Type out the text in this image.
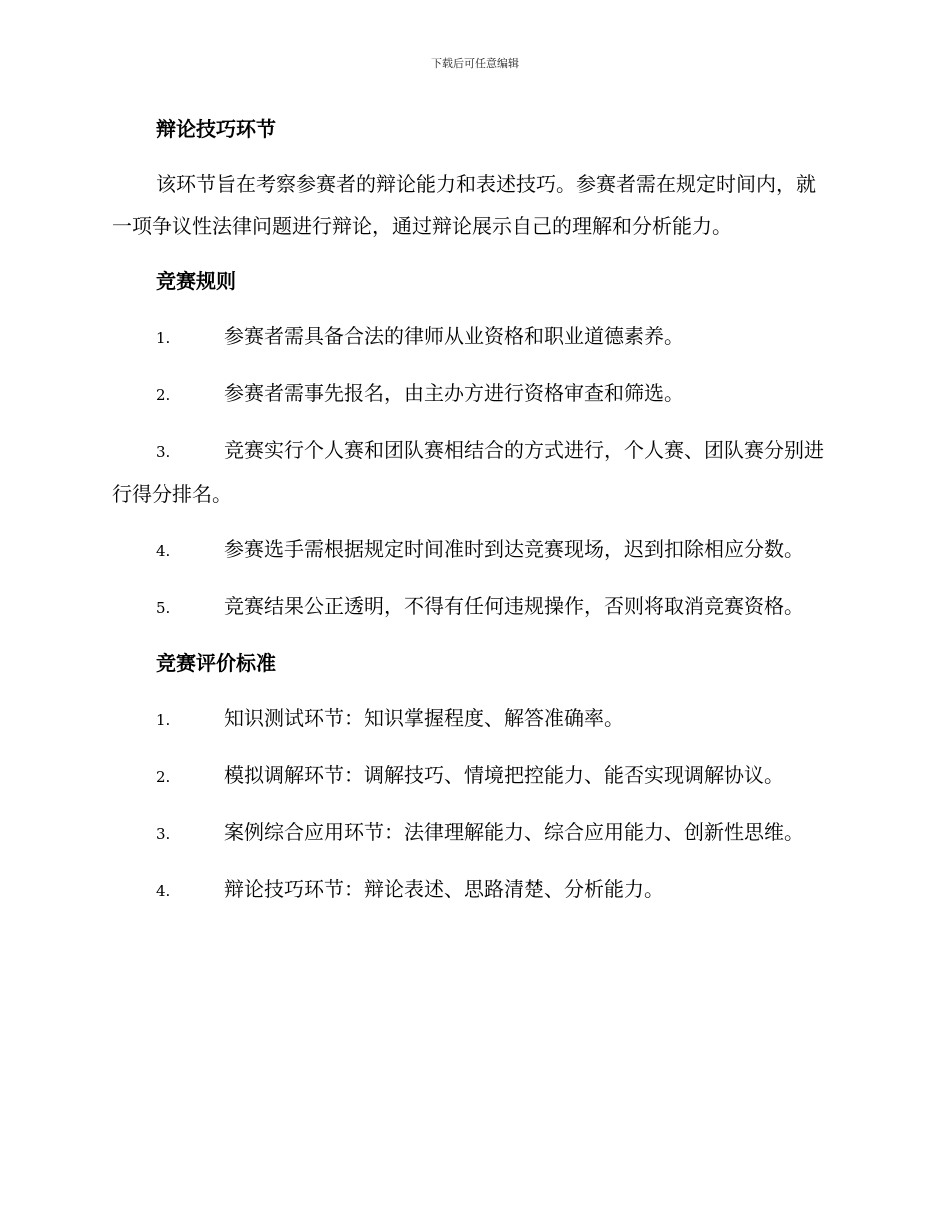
下载后可任意编辑

辩论技巧环节

该环节旨在考察参赛者的辩论能力和表述技巧。参赛者需在规定时间内，就一项争议性法律问题进行辩论，通过辩论展示自己的理解和分析能力。

竞赛规则

1.	参赛者需具备合法的律师从业资格和职业道德素养。

2.	参赛者需事先报名，由主办方进行资格审查和筛选。

3.	竞赛实行个人赛和团队赛相结合的方式进行，个人赛、团队赛分别进行得分排名。

4.	参赛选手需根据规定时间准时到达竞赛现场，迟到扣除相应分数。

5.	竞赛结果公正透明，不得有任何违规操作，否则将取消竞赛资格。

竞赛评价标准

1.	知识测试环节：知识掌握程度、解答准确率。

2.	模拟调解环节：调解技巧、情境把控能力、能否实现调解协议。

3.	案例综合应用环节：法律理解能力、综合应用能力、创新性思维。

4.	辩论技巧环节：辩论表述、思路清楚、分析能力。
